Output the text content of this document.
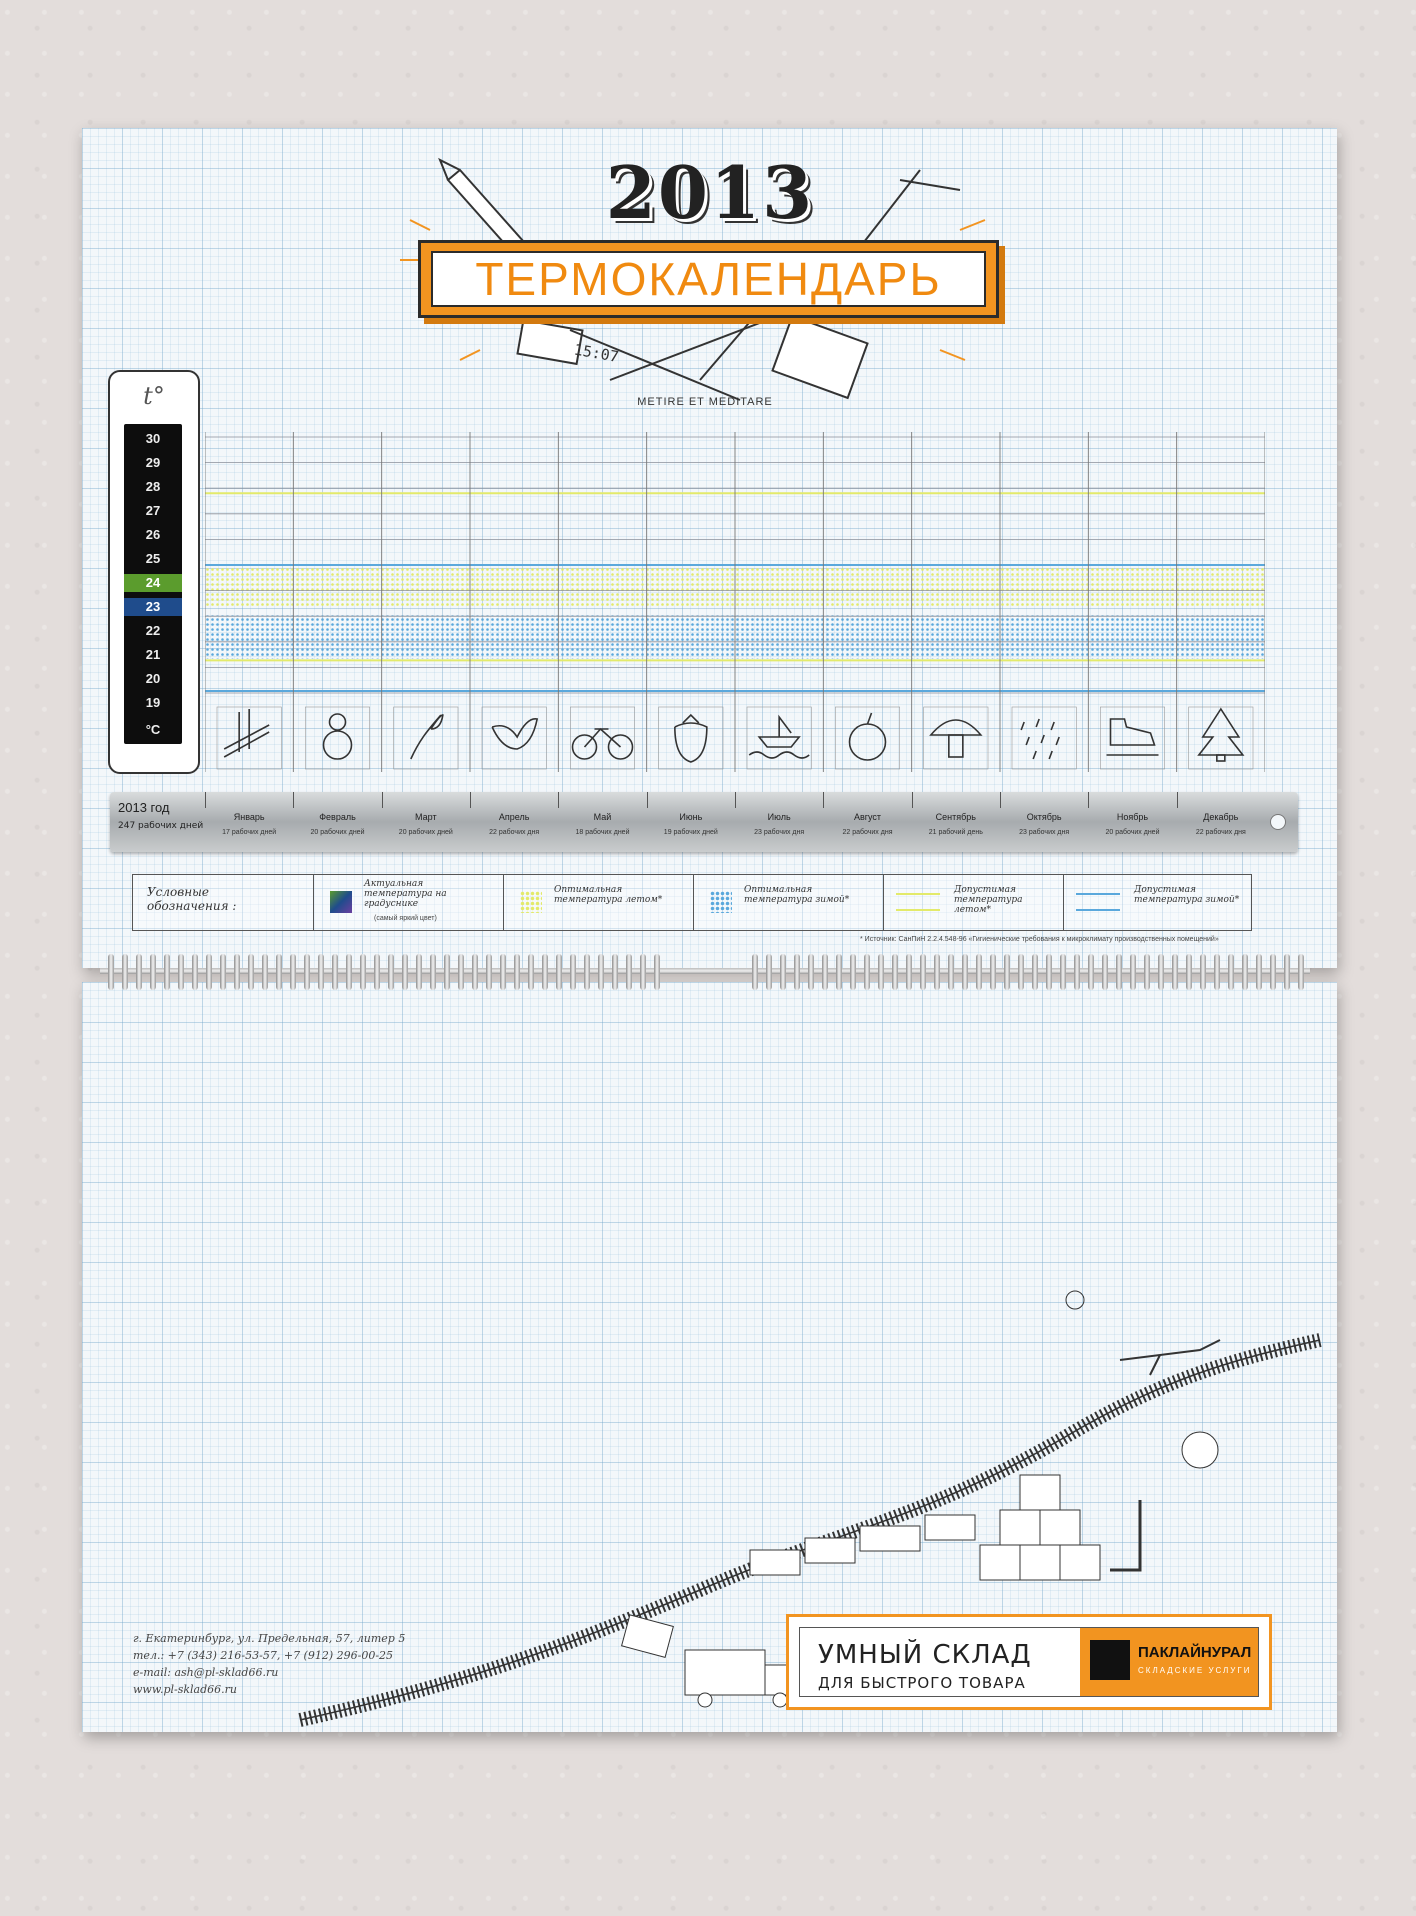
15:07
2013
ТЕРМОКАЛЕНДАРЬ
METIRE ET MEDITARE
t°
30
29
28
27
26
25
24
23
22
21
20
19
°C
2013 год
247 рабочих дней
Январь
17 рабочих дней
Февраль
20 рабочих дней
Март
20 рабочих дней
Апрель
22 рабочих дня
Май
18 рабочих дней
Июнь
19 рабочих дней
Июль
23 рабочих дня
Август
22 рабочих дня
Сентябрь
21 рабочий день
Октябрь
23 рабочих дня
Ноябрь
20 рабочих дней
Декабрь
22 рабочих дня
Условные обозначения :
Актуальная температура на градуснике
(самый яркий цвет)
Оптимальная температура летом*
Оптимальная температура зимой*
Допустимая температура летом*
Допустимая температура зимой*
* Источник: СанПиН 2.2.4.548-96 «Гигиенические требования к микроклимату производственных помещений»
г. Екатеринбург, ул. Предельная, 57, литер 5
тел.: +7 (343) 216-53-57, +7 (912) 296-00-25
e-mail: ash@pl-sklad66.ru
www.pl-sklad66.ru
УМНЫЙ СКЛАД
ДЛЯ БЫСТРОГО ТОВАРА
ПАКЛАЙНУРАЛ
СКЛАДСКИЕ УСЛУГИ
